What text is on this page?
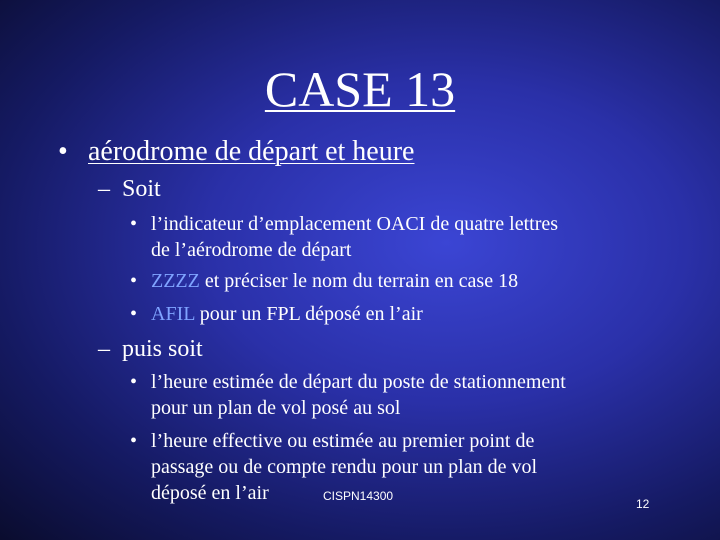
CASE 13
• aérodrome de départ et heure
– Soit
• l’indicateur d’emplacement OACI de quatre lettres
de l’aérodrome de départ
• ZZZZ et préciser le nom du terrain en case 18
• AFIL pour un FPL déposé en l’air
– puis soit
• l’heure estimée de départ du poste de stationnement
pour un plan de vol posé au sol
• l’heure effective ou estimée au premier point de
passage ou de compte rendu pour un plan de vol
déposé en l’air	CISPN14300
12
